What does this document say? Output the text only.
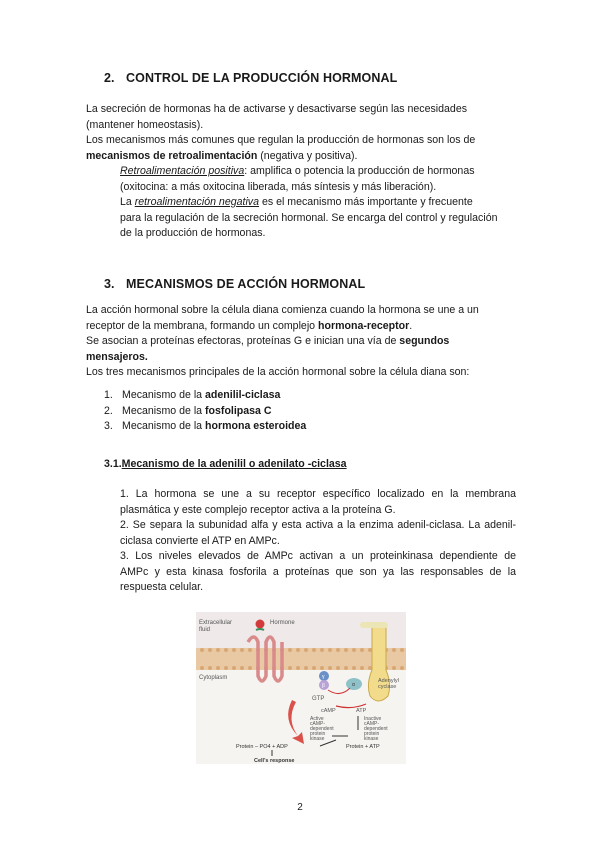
2. CONTROL DE LA PRODUCCIÓN HORMONAL
La secreción de hormonas ha de activarse y desactivarse según las necesidades
(mantener homeostasis).
Los mecanismos más comunes que regulan la producción de hormonas son los de
mecanismos de retroalimentación (negativa y positiva).
Retroalimentación positiva: amplifica o potencia la producción de hormonas
(oxitocina: a más oxitocina liberada, más síntesis y más liberación).
La retroalimentación negativa es el mecanismo más importante y frecuente
para la regulación de la secreción hormonal. Se encarga del control y regulación
de la producción de hormonas.
3. MECANISMOS DE ACCIÓN HORMONAL
La acción hormonal sobre la célula diana comienza cuando la hormona se une a un
receptor de la membrana, formando un complejo hormona-receptor.
Se asocian a proteínas efectoras, proteínas G e inician una vía de segundos
mensajeros.
Los tres mecanismos principales de la acción hormonal sobre la célula diana son:
1. Mecanismo de la adenilil-ciclasa
2. Mecanismo de la fosfolipasa C
3. Mecanismo de la hormona esteroidea
3.1.Mecanismo de la adenilil o adenilato -ciclasa
1. La hormona se une a su receptor específico localizado en la membrana
plasmática y este complejo receptor activa a la proteína G.
2. Se separa la subunidad alfa y esta activa a la enzima adenil-ciclasa. La adenil-
ciclasa convierte el ATP en AMPc.
3. Los niveles elevados de AMPc activan a un proteinkinasa dependiente de
AMPc y esta kinasa fosforila a proteínas que son ya las responsables de la
respuesta celular.
Extracellular
fluid
Hormone
Cytoplasm	γ
β	α
GTP
Adenylyl
cyclase
cAMP	ATP
Active
cAMP-
dependent
protein
kinase
Inactive
cAMP-
dependent
protein
kinase
Protein – PO4 + ADP	Protein + ATP
Cell's response
2
